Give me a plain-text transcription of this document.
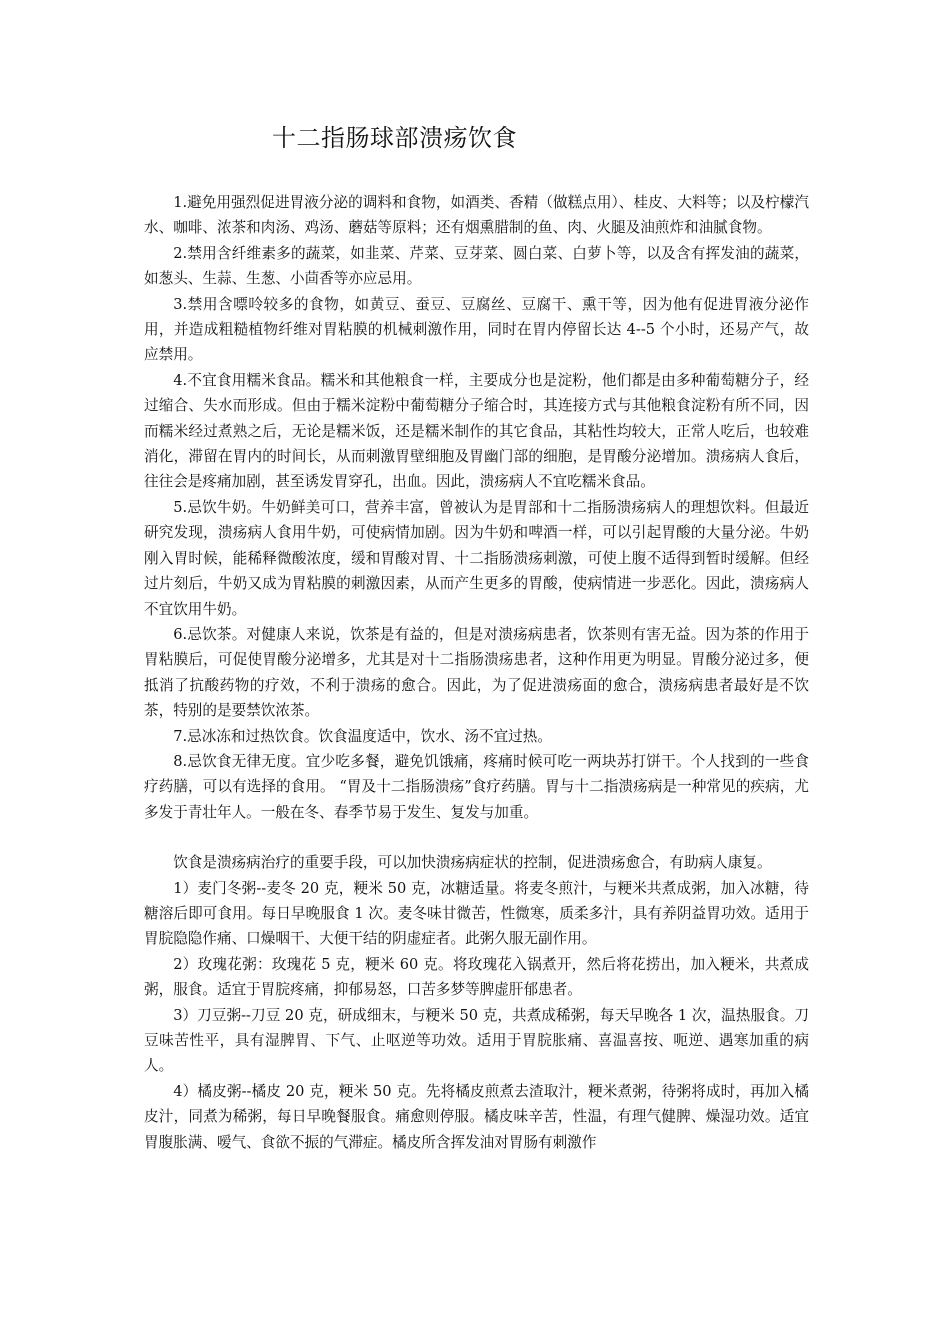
十二指肠球部溃疡饮食

1.避免用强烈促进胃液分泌的调料和食物，如酒类、香精（做糕点用）、桂皮、大料等；以及柠檬汽水、咖啡、浓茶和肉汤、鸡汤、蘑菇等原料；还有烟熏腊制的鱼、肉、火腿及油煎炸和油腻食物。

2.禁用含纤维素多的蔬菜，如韭菜、芹菜、豆芽菜、圆白菜、白萝卜等，以及含有挥发油的蔬菜，如葱头、生蒜、生葱、小茴香等亦应忌用。

3.禁用含嘌呤较多的食物，如黄豆、蚕豆、豆腐丝、豆腐干、熏干等，因为他有促进胃液分泌作用，并造成粗糙植物纤维对胃粘膜的机械刺激作用，同时在胃内停留长达 4--5 个小时，还易产气，故应禁用。

4.不宜食用糯米食品。糯米和其他粮食一样，主要成分也是淀粉，他们都是由多种葡萄糖分子，经过缩合、失水而形成。但由于糯米淀粉中葡萄糖分子缩合时，其连接方式与其他粮食淀粉有所不同，因而糯米经过煮熟之后，无论是糯米饭，还是糯米制作的其它食品，其粘性均较大，正常人吃后，也较难消化，滞留在胃内的时间长，从而刺激胃壁细胞及胃幽门部的细胞，是胃酸分泌增加。溃疡病人食后，往往会是疼痛加剧，甚至诱发胃穿孔，出血。因此，溃疡病人不宜吃糯米食品。

5.忌饮牛奶。牛奶鲜美可口，营养丰富，曾被认为是胃部和十二指肠溃疡病人的理想饮料。但最近研究发现，溃疡病人食用牛奶，可使病情加剧。因为牛奶和啤酒一样，可以引起胃酸的大量分泌。牛奶刚入胃时候，能稀释微酸浓度，缓和胃酸对胃、十二指肠溃疡刺激，可使上腹不适得到暂时缓解。但经过片刻后，牛奶又成为胃粘膜的刺激因素，从而产生更多的胃酸，使病情进一步恶化。因此，溃疡病人不宜饮用牛奶。

6.忌饮茶。对健康人来说，饮茶是有益的，但是对溃疡病患者，饮茶则有害无益。因为茶的作用于胃粘膜后，可促使胃酸分泌增多，尤其是对十二指肠溃疡患者，这种作用更为明显。胃酸分泌过多，便抵消了抗酸药物的疗效，不利于溃疡的愈合。因此，为了促进溃疡面的愈合，溃疡病患者最好是不饮茶，特别的是要禁饮浓茶。

7.忌冰冻和过热饮食。饮食温度适中，饮水、汤不宜过热。

8.忌饮食无律无度。宜少吃多餐，避免饥饿痛，疼痛时候可吃一两块苏打饼干。个人找到的一些食疗药膳，可以有选择的食用。 “胃及十二指肠溃疡”食疗药膳。胃与十二指溃疡病是一种常见的疾病，尤多发于青壮年人。一般在冬、春季节易于发生、复发与加重。

饮食是溃疡病治疗的重要手段，可以加快溃疡病症状的控制，促进溃疡愈合，有助病人康复。

1）麦门冬粥--麦冬 20 克，粳米 50 克，冰糖适量。将麦冬煎汁，与粳米共煮成粥，加入冰糖，待糖溶后即可食用。每日早晚服食 1 次。麦冬味甘微苦，性微寒，质柔多汁，具有养阴益胃功效。适用于胃脘隐隐作痛、口燥咽干、大便干结的阴虚症者。此粥久服无副作用。

2）玫瑰花粥：玫瑰花 5 克，粳米 60 克。将玫瑰花入锅煮开，然后将花捞出，加入粳米，共煮成粥，服食。适宜于胃脘疼痛，抑郁易怒，口苦多梦等脾虚肝郁患者。

3）刀豆粥--刀豆 20 克，研成细末，与粳米 50 克，共煮成稀粥，每天早晚各 1 次，温热服食。刀豆味苦性平，具有湿脾胃、下气、止呕逆等功效。适用于胃脘胀痛、喜温喜按、呃逆、遇寒加重的病人。

4）橘皮粥--橘皮 20 克，粳米 50 克。先将橘皮煎煮去渣取汁，粳米煮粥，待粥将成时，再加入橘皮汁，同煮为稀粥，每日早晚餐服食。痛愈则停服。橘皮味辛苦，性温，有理气健脾、燥湿功效。适宜胃腹胀满、嗳气、食欲不振的气滞症。橘皮所含挥发油对胃肠有刺激作
